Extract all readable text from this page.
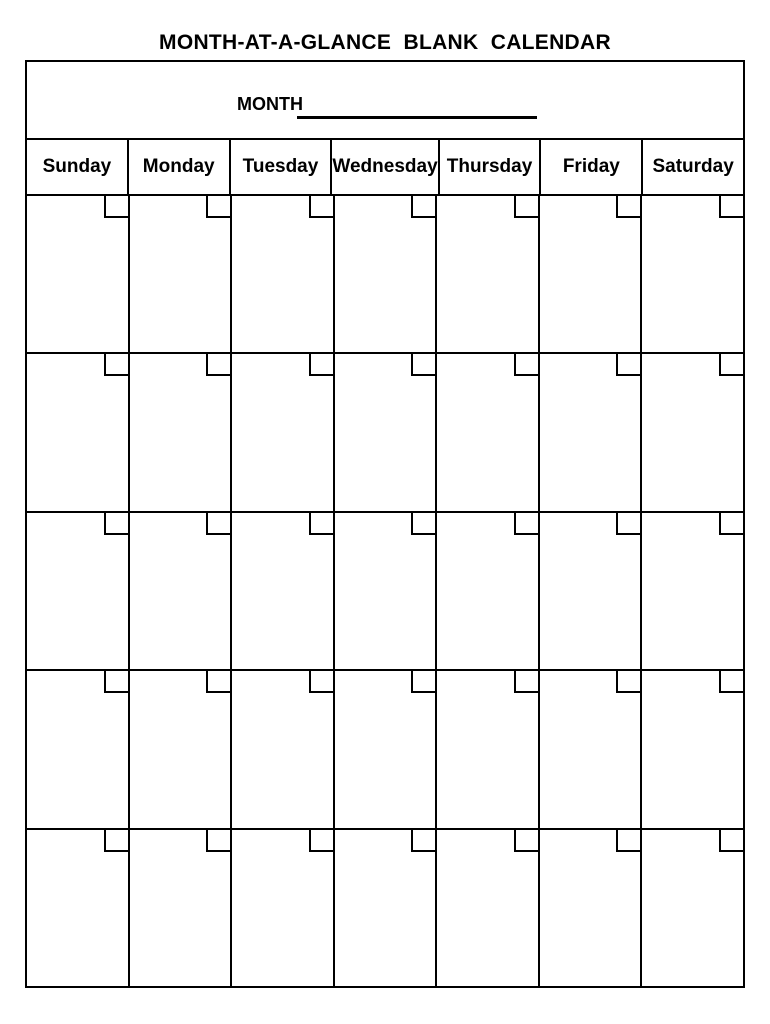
MONTH-AT-A-GLANCE  BLANK  CALENDAR
MONTH
Sunday	Monday	Tuesday Wednesday Thursday	Friday	Saturday
